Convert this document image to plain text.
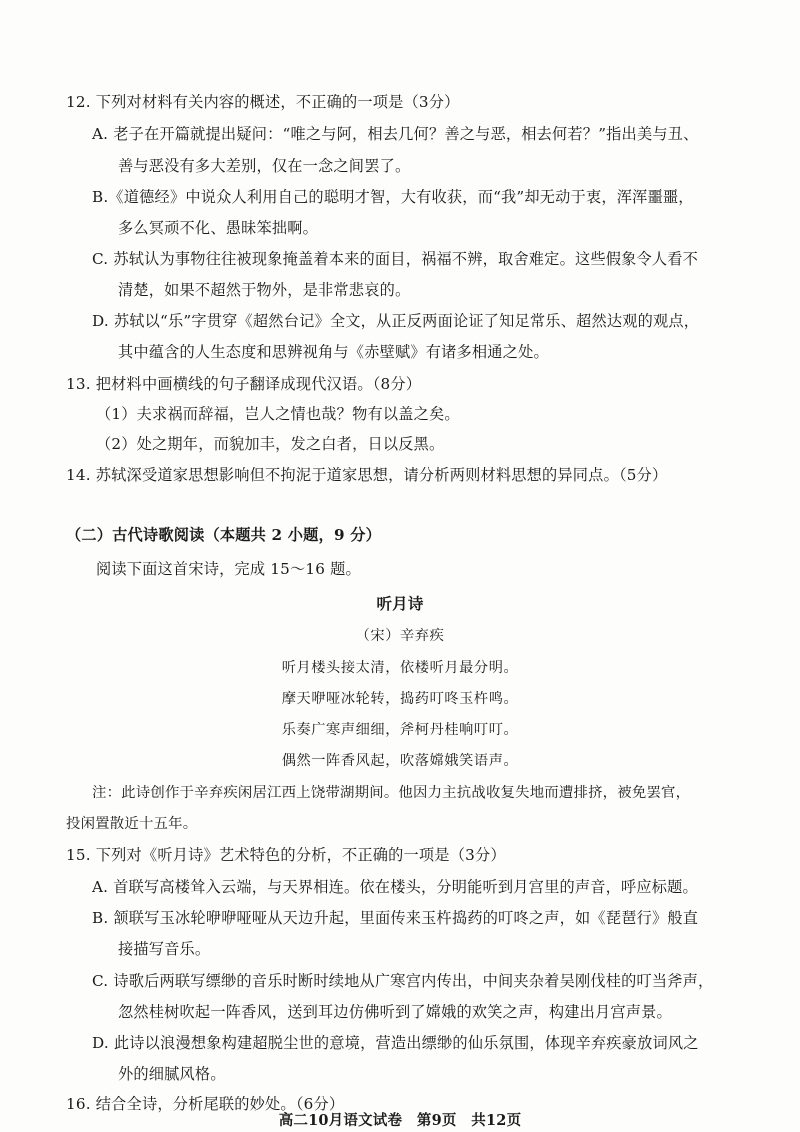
12. 下列对材料有关内容的概述，不正确的一项是（3分）
A. 老子在开篇就提出疑问：“唯之与阿，相去几何？善之与恶，相去何若？”指出美与丑、
善与恶没有多大差别，仅在一念之间罢了。
B.《道德经》中说众人利用自己的聪明才智，大有收获，而“我”却无动于衷，浑浑噩噩，
多么冥顽不化、愚昧笨拙啊。
C. 苏轼认为事物往往被现象掩盖着本来的面目，祸福不辨，取舍难定。这些假象令人看不
清楚，如果不超然于物外，是非常悲哀的。
D. 苏轼以“乐”字贯穿《超然台记》全文，从正反两面论证了知足常乐、超然达观的观点，
其中蕴含的人生态度和思辨视角与《赤壁赋》有诸多相通之处。
13. 把材料中画横线的句子翻译成现代汉语。（8分）
（1）夫求祸而辞福，岂人之情也哉？物有以盖之矣。
（2）处之期年，而貌加丰，发之白者，日以反黑。
14. 苏轼深受道家思想影响但不拘泥于道家思想，请分析两则材料思想的异同点。（5分）
（二）古代诗歌阅读（本题共 2 小题，9 分）
阅读下面这首宋诗，完成 15～16 题。
听月诗
（宋）辛弃疾
听月楼头接太清，依楼听月最分明。
摩天咿哑冰轮转，捣药叮咚玉杵鸣。
乐奏广寒声细细，斧柯丹桂响叮叮。
偶然一阵香风起，吹落嫦娥笑语声。
注：此诗创作于辛弃疾闲居江西上饶带湖期间。他因力主抗战收复失地而遭排挤，被免罢官，
投闲置散近十五年。
15. 下列对《听月诗》艺术特色的分析，不正确的一项是（3分）
A. 首联写高楼耸入云端，与天界相连。依在楼头，分明能听到月宫里的声音，呼应标题。
B. 颔联写玉冰轮咿咿哑哑从天边升起，里面传来玉杵捣药的叮咚之声，如《琵琶行》般直
接描写音乐。
C. 诗歌后两联写缥缈的音乐时断时续地从广寒宫内传出，中间夹杂着吴刚伐桂的叮当斧声，
忽然桂树吹起一阵香风，送到耳边仿佛听到了嫦娥的欢笑之声，构建出月宫声景。
D. 此诗以浪漫想象构建超脱尘世的意境，营造出缥缈的仙乐氛围，体现辛弃疾豪放词风之
外的细腻风格。
16. 结合全诗，分析尾联的妙处。（6分）
高二10月语文试卷　第9页　共12页
